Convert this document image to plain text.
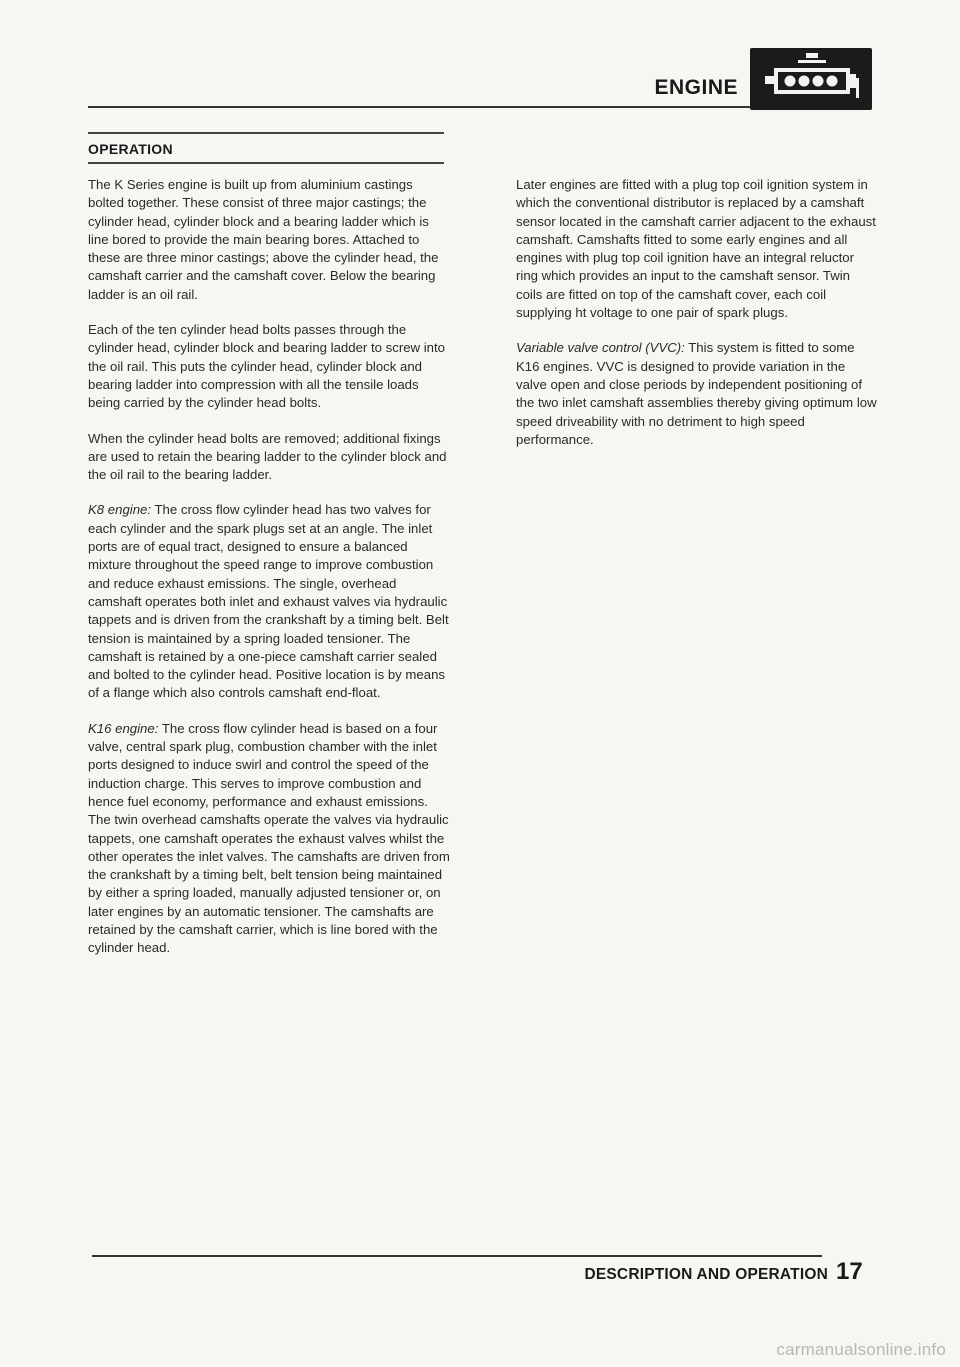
ENGINE
OPERATION

The K Series engine is built up from aluminium castings bolted together. These consist of three major castings; the cylinder head, cylinder block and a bearing ladder which is line bored to provide the main bearing bores. Attached to these are three minor castings; above the cylinder head, the camshaft carrier and the camshaft cover. Below the bearing ladder is an oil rail.

Each of the ten cylinder head bolts passes through the cylinder head, cylinder block and bearing ladder to screw into the oil rail. This puts the cylinder head, cylinder block and bearing ladder into compression with all the tensile loads being carried by the cylinder head bolts.

When the cylinder head bolts are removed; additional fixings are used to retain the bearing ladder to the cylinder block and the oil rail to the bearing ladder.

K8 engine: The cross flow cylinder head has two valves for each cylinder and the spark plugs set at an angle. The inlet ports are of equal tract, designed to ensure a balanced mixture throughout the speed range to improve combustion and reduce exhaust emissions. The single, overhead camshaft operates both inlet and exhaust valves via hydraulic tappets and is driven from the crankshaft by a timing belt. Belt tension is maintained by a spring loaded tensioner. The camshaft is retained by a one-piece camshaft carrier sealed and bolted to the cylinder head. Positive location is by means of a flange which also controls camshaft end-float.

K16 engine: The cross flow cylinder head is based on a four valve, central spark plug, combustion chamber with the inlet ports designed to induce swirl and control the speed of the induction charge. This serves to improve combustion and hence fuel economy, performance and exhaust emissions. The twin overhead camshafts operate the valves via hydraulic tappets, one camshaft operates the exhaust valves whilst the other operates the inlet valves. The camshafts are driven from the crankshaft by a timing belt, belt tension being maintained by either a spring loaded, manually adjusted tensioner or, on later engines by an automatic tensioner. The camshafts are retained by the camshaft carrier, which is line bored with the cylinder head.

Later engines are fitted with a plug top coil ignition system in which the conventional distributor is replaced by a camshaft sensor located in the camshaft carrier adjacent to the exhaust camshaft. Camshafts fitted to some early engines and all engines with plug top coil ignition have an integral reluctor ring which provides an input to the camshaft sensor. Twin coils are fitted on top of the camshaft cover, each coil supplying ht voltage to one pair of spark plugs.

Variable valve control (VVC): This system is fitted to some K16 engines. VVC is designed to provide variation in the valve open and close periods by independent positioning of the two inlet camshaft assemblies thereby giving optimum low speed driveability with no detriment to high speed performance.

DESCRIPTION AND OPERATION 17
carmanualsonline.info
